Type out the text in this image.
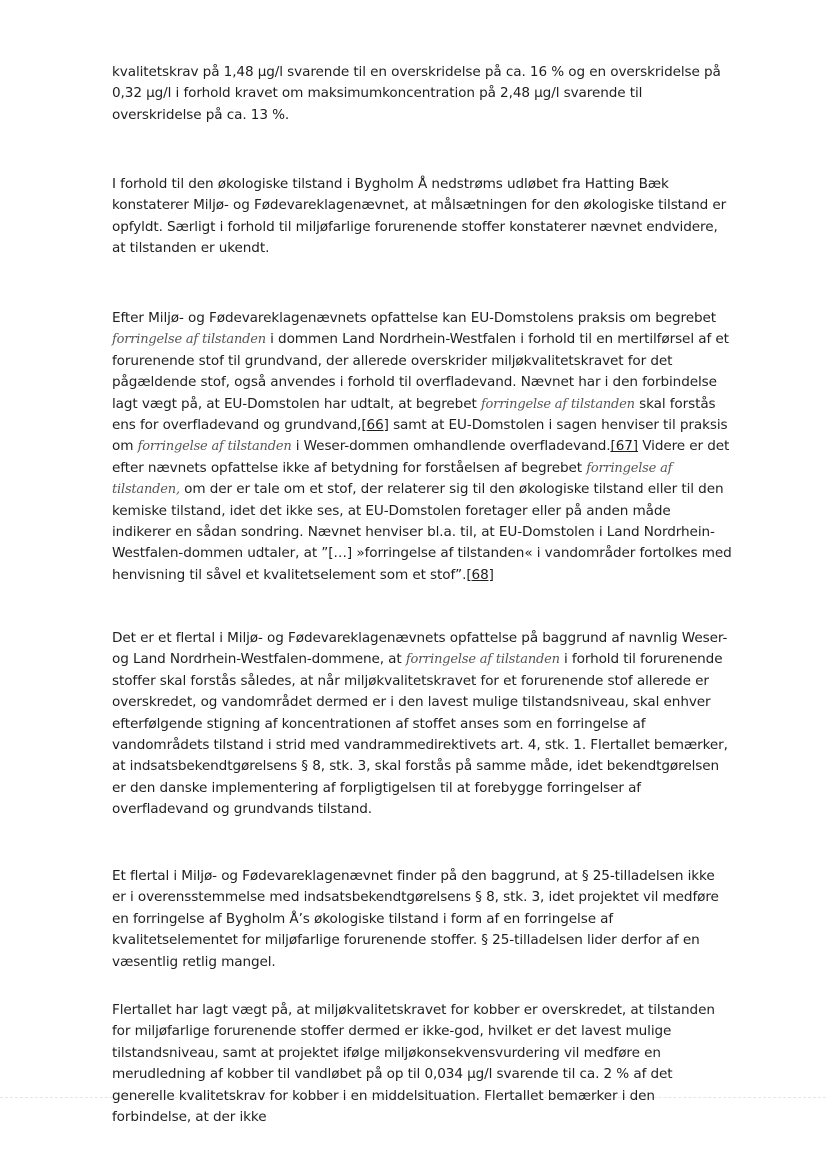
kvalitetskrav på 1,48 µg/l svarende til en overskridelse på ca. 16 % og en overskridelse på 0,32 µg/l i forhold kravet om maksimumkoncentration på 2,48 µg/l svarende til overskridelse på ca. 13 %.

I forhold til den økologiske tilstand i Bygholm Å nedstrøms udløbet fra Hatting Bæk konstaterer Miljø- og Fødevareklagenævnet, at målsætningen for den økologiske tilstand er opfyldt. Særligt i forhold til miljøfarlige forurenende stoffer konstaterer nævnet endvidere, at tilstanden er ukendt.

Efter Miljø- og Fødevareklagenævnets opfattelse kan EU-Domstolens praksis om begrebet forringelse af tilstanden i dommen Land Nordrhein-Westfalen i forhold til en mertilførsel af et forurenende stof til grundvand, der allerede overskrider miljøkvalitetskravet for det pågældende stof, også anvendes i forhold til overfladevand. Nævnet har i den forbindelse lagt vægt på, at EU-Domstolen har udtalt, at begrebet forringelse af tilstanden skal forstås ens for overfladevand og grundvand,[66] samt at EU-Domstolen i sagen henviser til praksis om forringelse af tilstanden i Weser-dommen omhandlende overfladevand.[67] Videre er det efter nævnets opfattelse ikke af betydning for forståelsen af begrebet forringelse af tilstanden, om der er tale om et stof, der relaterer sig til den økologiske tilstand eller til den kemiske tilstand, idet det ikke ses, at EU-Domstolen foretager eller på anden måde indikerer en sådan sondring. Nævnet henviser bl.a. til, at EU-Domstolen i Land Nordrhein-Westfalen-dommen udtaler, at ”[…] »forringelse af tilstanden« i vandområder fortolkes med henvisning til såvel et kvalitetselement som et stof”.[68]

Det er et flertal i Miljø- og Fødevareklagenævnets opfattelse på baggrund af navnlig Weser- og Land Nordrhein-Westfalen-dommene, at forringelse af tilstanden i forhold til forurenende stoffer skal forstås således, at når miljøkvalitetskravet for et forurenende stof allerede er overskredet, og vandområdet dermed er i den lavest mulige tilstandsniveau, skal enhver efterfølgende stigning af koncentrationen af stoffet anses som en forringelse af vandområdets tilstand i strid med vandrammedirektivets art. 4, stk. 1. Flertallet bemærker, at indsatsbekendtgørelsens § 8, stk. 3, skal forstås på samme måde, idet bekendtgørelsen er den danske implementering af forpligtigelsen til at forebygge forringelser af overfladevand og grundvands tilstand.

Et flertal i Miljø- og Fødevareklagenævnet finder på den baggrund, at § 25-tilladelsen ikke er i overensstemmelse med indsatsbekendtgørelsens § 8, stk. 3, idet projektet vil medføre en forringelse af Bygholm Å’s økologiske tilstand i form af en forringelse af kvalitetselementet for miljøfarlige forurenende stoffer. § 25-tilladelsen lider derfor af en væsentlig retlig mangel.

Flertallet har lagt vægt på, at miljøkvalitetskravet for kobber er overskredet, at tilstanden for miljøfarlige forurenende stoffer dermed er ikke-god, hvilket er det lavest mulige tilstandsniveau, samt at projektet ifølge miljøkonsekvensvurdering vil medføre en merudledning af kobber til vandløbet på op til 0,034 µg/l svarende til ca. 2 % af det generelle kvalitetskrav for kobber i en middelsituation. Flertallet bemærker i den forbindelse, at der ikke
